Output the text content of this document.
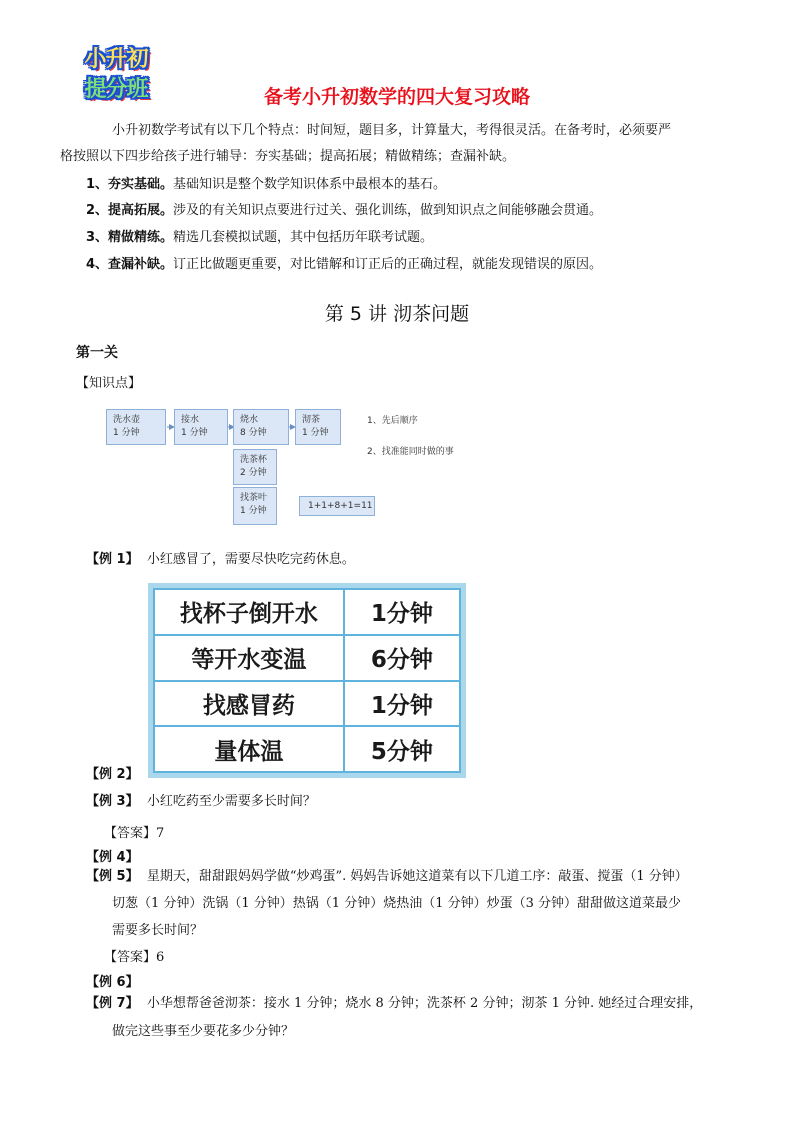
小升初
提分班	备考小升初数学的四大复习攻略
小升初数学考试有以下几个特点：时间短，题目多，计算量大，考得很灵活。在备考时，必须要严
格按照以下四步给孩子进行辅导：夯实基础；提高拓展；精做精练；查漏补缺。
1、夯实基础。基础知识是整个数学知识体系中最根本的基石。
2、提高拓展。涉及的有关知识点要进行过关、强化训练，做到知识点之间能够融会贯通。
3、精做精练。精选几套模拟试题，其中包括历年联考试题。
4、查漏补缺。订正比做题更重要，对比错解和订正后的正确过程，就能发现错误的原因。
第 5 讲 沏茶问题
第一关
【知识点】
洗水壶
1 分钟
接水
1 分钟
烧水
8 分钟
沏茶
1 分钟
洗茶杯
2 分钟
找茶叶
1 分钟	1+1+8+1=11
1、先后顺序
2、找准能同时做的事
【例 1】 小红感冒了，需要尽快吃完药休息。
找杯子倒开水	1分钟
等开水变温	6分钟
找感冒药	1分钟
量体温	5分钟
【例 2】
【例 3】 小红吃药至少需要多长时间？
【答案】7
【例 4】
【例 5】 星期天，甜甜跟妈妈学做“炒鸡蛋”. 妈妈告诉她这道菜有以下几道工序：敲蛋、搅蛋（1 分钟）
切葱（1 分钟）洗锅（1 分钟）热锅（1 分钟）烧热油（1 分钟）炒蛋（3 分钟）甜甜做这道菜最少
需要多长时间？
【答案】6
【例 6】
【例 7】 小华想帮爸爸沏茶：接水 1 分钟；烧水 8 分钟；洗茶杯 2 分钟；沏茶 1 分钟. 她经过合理安排，
做完这些事至少要花多少分钟？
